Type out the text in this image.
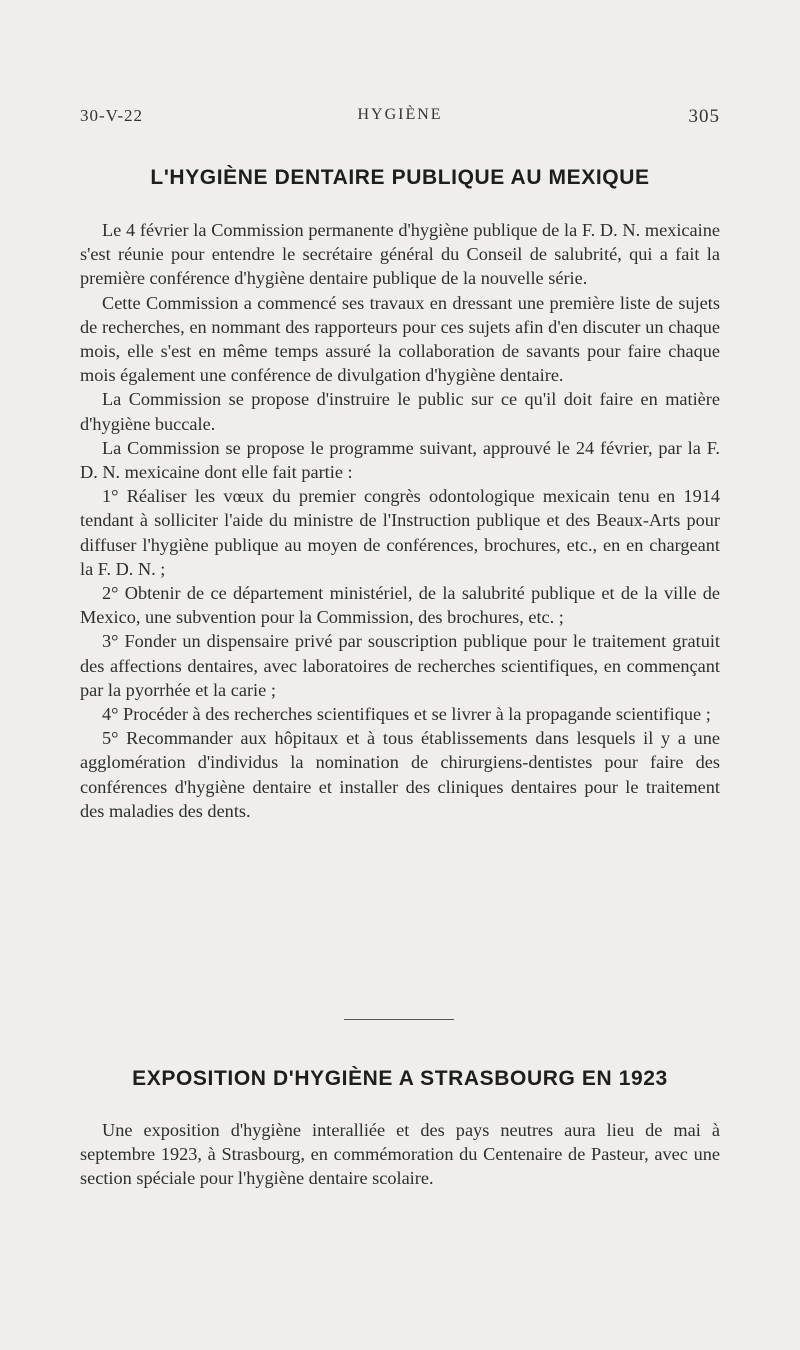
HYGIÈNE
30-V-22	305
L'HYGIÈNE DENTAIRE PUBLIQUE AU MEXIQUE

Le 4 février la Commission permanente d'hygiène publique de la F. D. N. mexicaine s'est réunie pour entendre le secrétaire général du Conseil de salubrité, qui a fait la première conférence d'hygiène dentaire publique de la nouvelle série.

Cette Commission a commencé ses travaux en dressant une première liste de sujets de recherches, en nommant des rapporteurs pour ces sujets afin d'en discuter un chaque mois, elle s'est en même temps assuré la collaboration de savants pour faire chaque mois également une conférence de divulgation d'hygiène dentaire.

La Commission se propose d'instruire le public sur ce qu'il doit faire en matière d'hygiène buccale.

La Commission se propose le programme suivant, approuvé le 24 février, par la F. D. N. mexicaine dont elle fait partie :

1° Réaliser les vœux du premier congrès odontologique mexicain tenu en 1914 tendant à solliciter l'aide du ministre de l'Instruction publique et des Beaux-Arts pour diffuser l'hygiène publique au moyen de conférences, brochures, etc., en en chargeant la F. D. N. ;

2° Obtenir de ce département ministériel, de la salubrité publique et de la ville de Mexico, une subvention pour la Commission, des brochures, etc. ;

3° Fonder un dispensaire privé par souscription publique pour le traitement gratuit des affections dentaires, avec laboratoires de recherches scientifiques, en commençant par la pyorrhée et la carie ;

4° Procéder à des recherches scientifiques et se livrer à la propagande scientifique ;

5° Recommander aux hôpitaux et à tous établissements dans lesquels il y a une agglomération d'individus la nomination de chirurgiens-dentistes pour faire des conférences d'hygiène dentaire et installer des cliniques dentaires pour le traitement des maladies des dents.

EXPOSITION D'HYGIÈNE A STRASBOURG EN 1923

Une exposition d'hygiène interalliée et des pays neutres aura lieu de mai à septembre 1923, à Strasbourg, en commémoration du Centenaire de Pasteur, avec une section spéciale pour l'hygiène dentaire scolaire.
